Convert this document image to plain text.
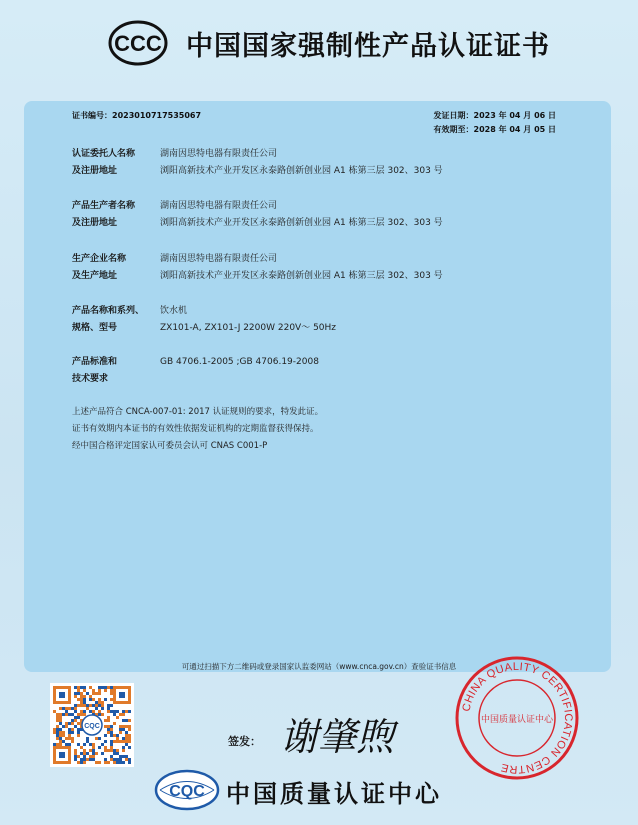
CCC 中国国家强制性产品认证证书
证书编号：2023010717535067	发证日期：2023 年 04 月 06 日
有效期至：2028 年 04 月 05 日
认证委托人名称
及注册地址
湖南因思特电器有限责任公司
浏阳高新技术产业开发区永泰路创新创业园 A1 栋第三层 302、303 号
产品生产者名称
及注册地址
湖南因思特电器有限责任公司
浏阳高新技术产业开发区永泰路创新创业园 A1 栋第三层 302、303 号
生产企业名称
及生产地址
湖南因思特电器有限责任公司
浏阳高新技术产业开发区永泰路创新创业园 A1 栋第三层 302、303 号
产品名称和系列、
规格、型号
饮水机
ZX101-A, ZX101-J 2200W 220V～ 50Hz
产品标准和
技术要求
GB 4706.1-2005 ;GB 4706.19-2008
上述产品符合 CNCA-007-01: 2017 认证规则的要求，特发此证。
证书有效期内本证书的有效性依据发证机构的定期监督获得保持。
经中国合格评定国家认可委员会认可 CNAS C001-P
可通过扫描下方二维码或登录国家认监委网站（www.cnca.gov.cn）查验证书信息
CQC
签发： 谢肇煦
CQC 中国质量认证中心
CHINA QUALITY CERTIFICATION CENTRE
中国质量认证中心
